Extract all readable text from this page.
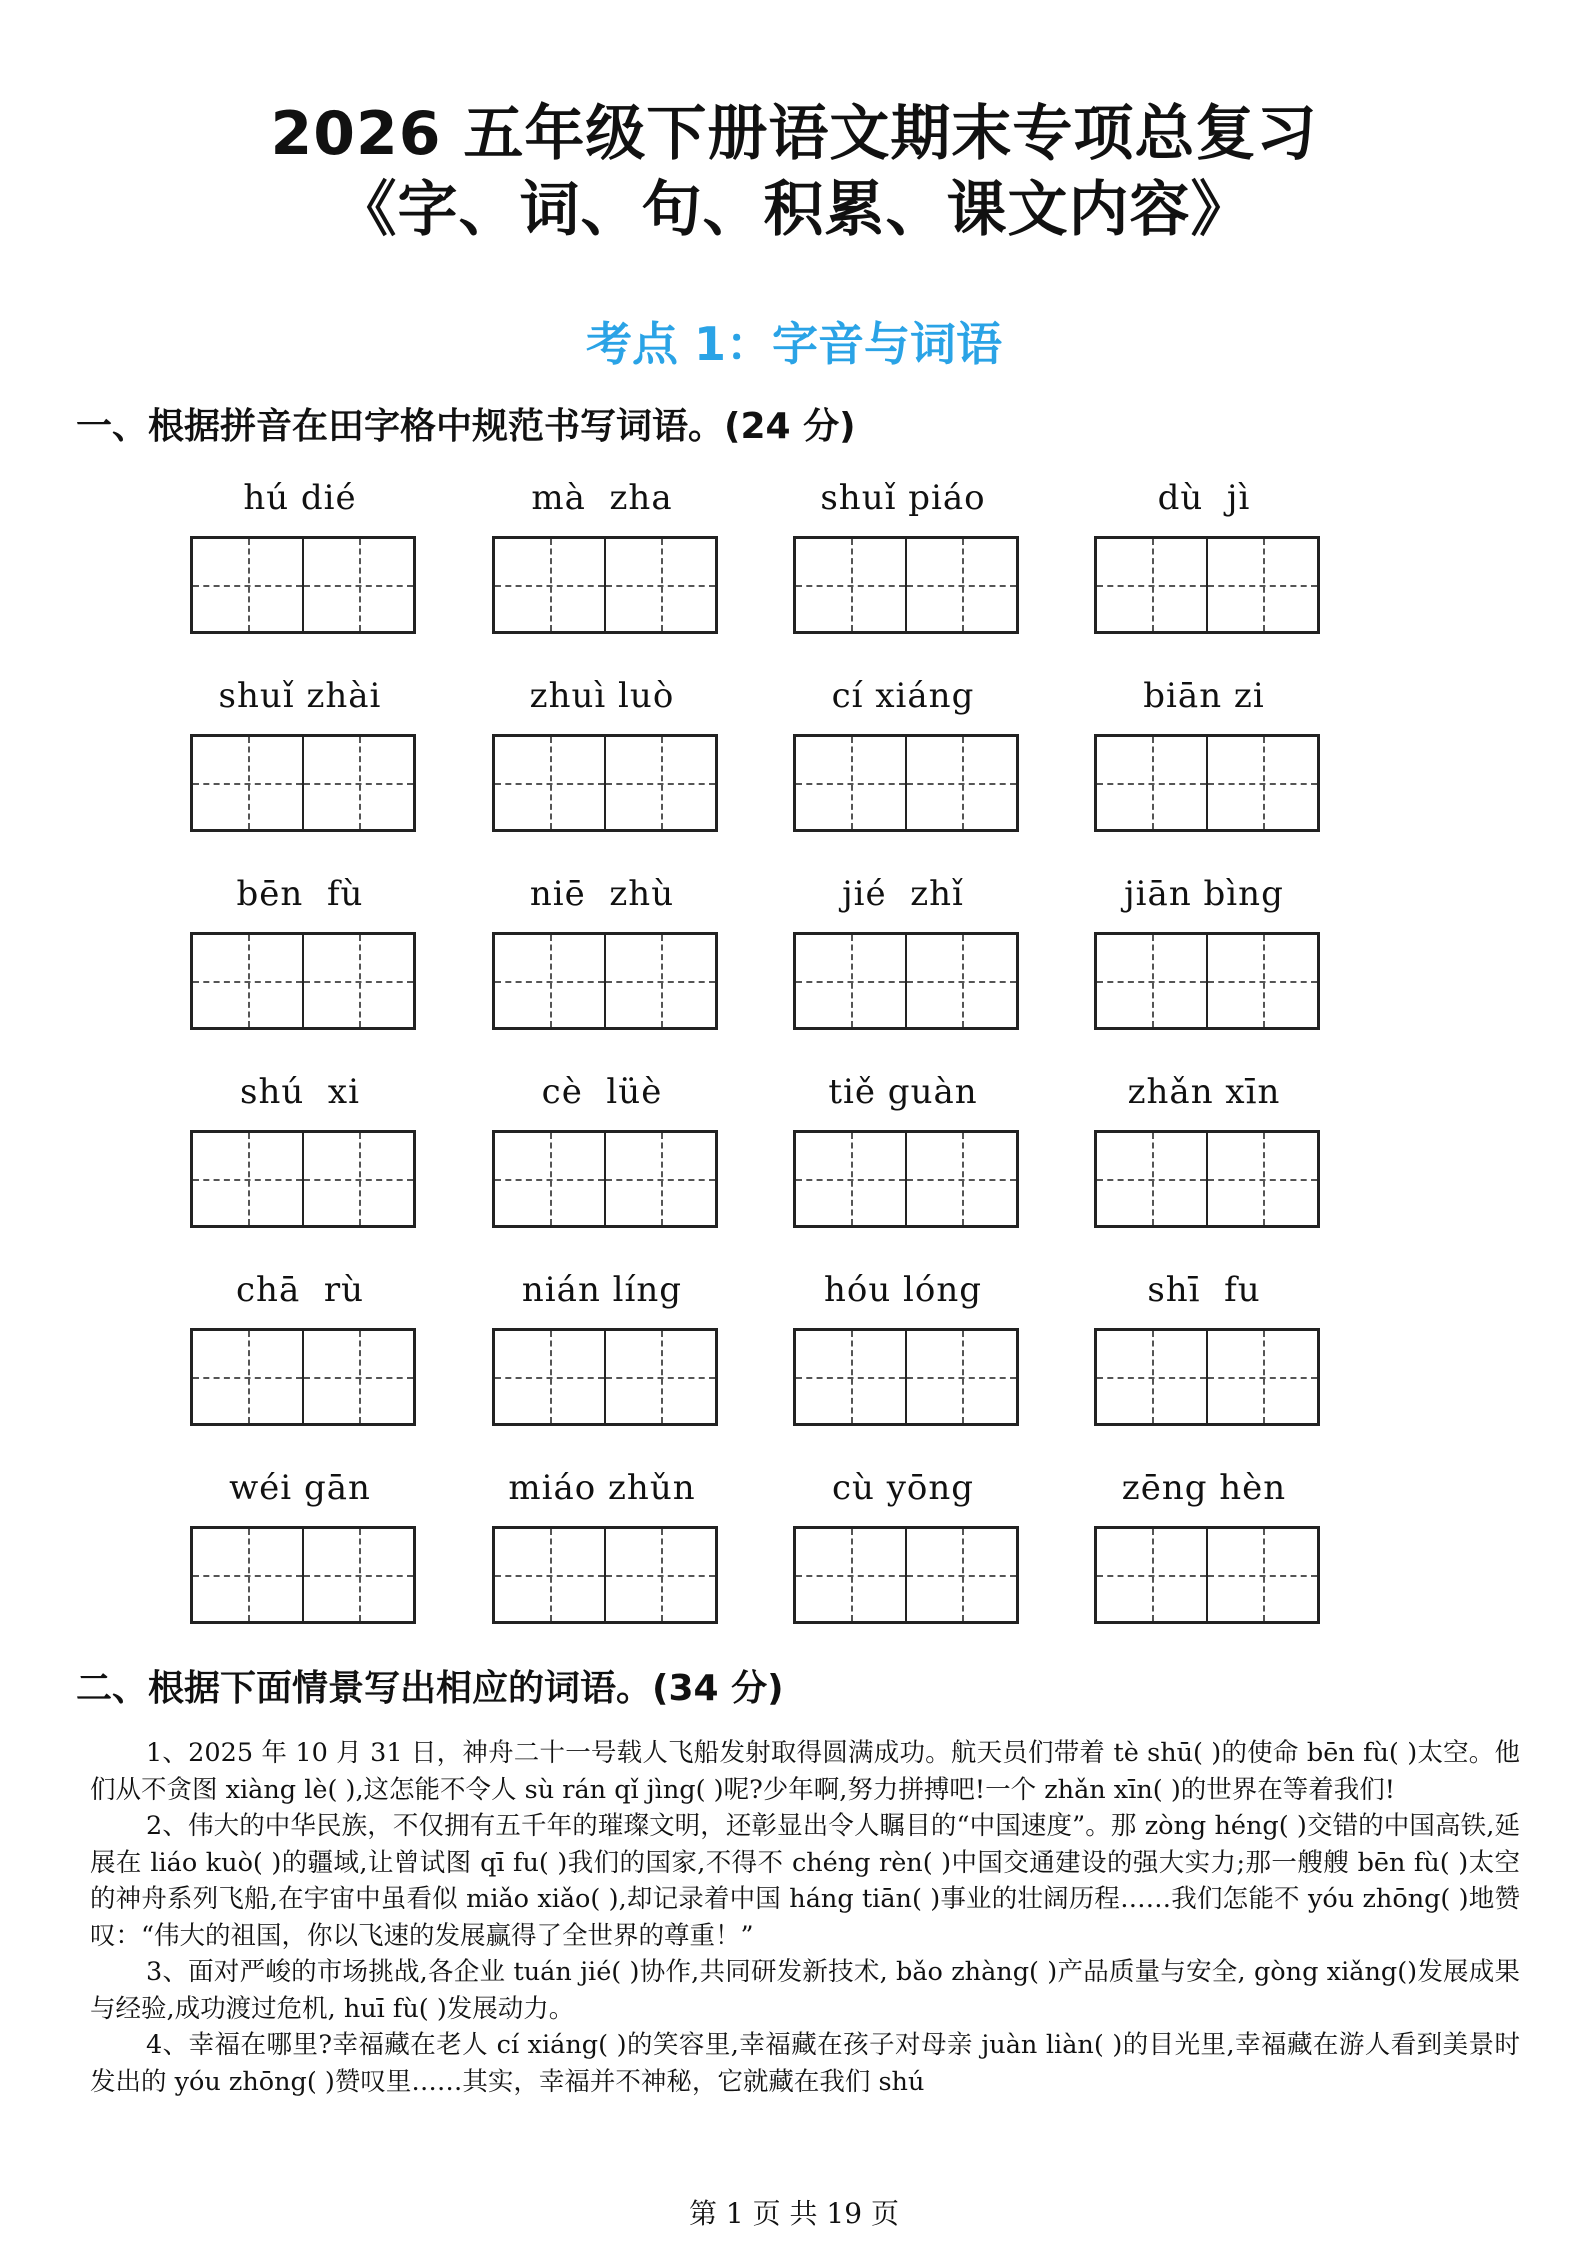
2026 五年级下册语文期末专项总复习
《字、词、句、积累、课文内容》
考点 1：字音与词语
一、根据拼音在田字格中规范书写词语。(24 分)
hú dié	mà  zha	shuǐ piáo	dù  jì
shuǐ zhài	zhuì luò	cí xiáng	biān zi
bēn  fù	niē  zhù	jié  zhǐ	jiān bìng
shú  xi	cè  lüè	tiě guàn	zhǎn xīn
chā  rù	nián líng	hóu lóng	shī  fu
wéi gān	miáo zhǔn	cù yōng	zēng hèn
二、根据下面情景写出相应的词语。(34 分)

1、2025 年 10 月 31 日，神舟二十一号载人飞船发射取得圆满成功。航天员们带着 tè shū( )的使命 bēn fù( )太空。他们从不贪图 xiàng lè( ),这怎能不令人 sù rán qǐ jìng( )呢?少年啊,努力拼搏吧!一个 zhǎn xīn( )的世界在等着我们!

2、伟大的中华民族，不仅拥有五千年的璀璨文明，还彰显出令人瞩目的“中国速度”。那 zòng héng( )交错的中国高铁,延展在 liáo kuò( )的疆域,让曾试图 qī fu( )我们的国家,不得不 chéng rèn( )中国交通建设的强大实力;那一艘艘 bēn fù( )太空的神舟系列飞船,在宇宙中虽看似 miǎo xiǎo( ),却记录着中国 háng tiān( )事业的壮阔历程……我们怎能不 yóu zhōng( )地赞叹：“伟大的祖国，你以飞速的发展赢得了全世界的尊重！”

3、面对严峻的市场挑战,各企业 tuán jié( )协作,共同研发新技术, bǎo zhàng( )产品质量与安全, gòng xiǎng()发展成果与经验,成功渡过危机, huī fù( )发展动力。

4、幸福在哪里?幸福藏在老人 cí xiáng( )的笑容里,幸福藏在孩子对母亲 juàn liàn( )的目光里,幸福藏在游人看到美景时发出的 yóu zhōng( )赞叹里……其实，幸福并不神秘，它就藏在我们 shú

第 1 页 共 19 页
